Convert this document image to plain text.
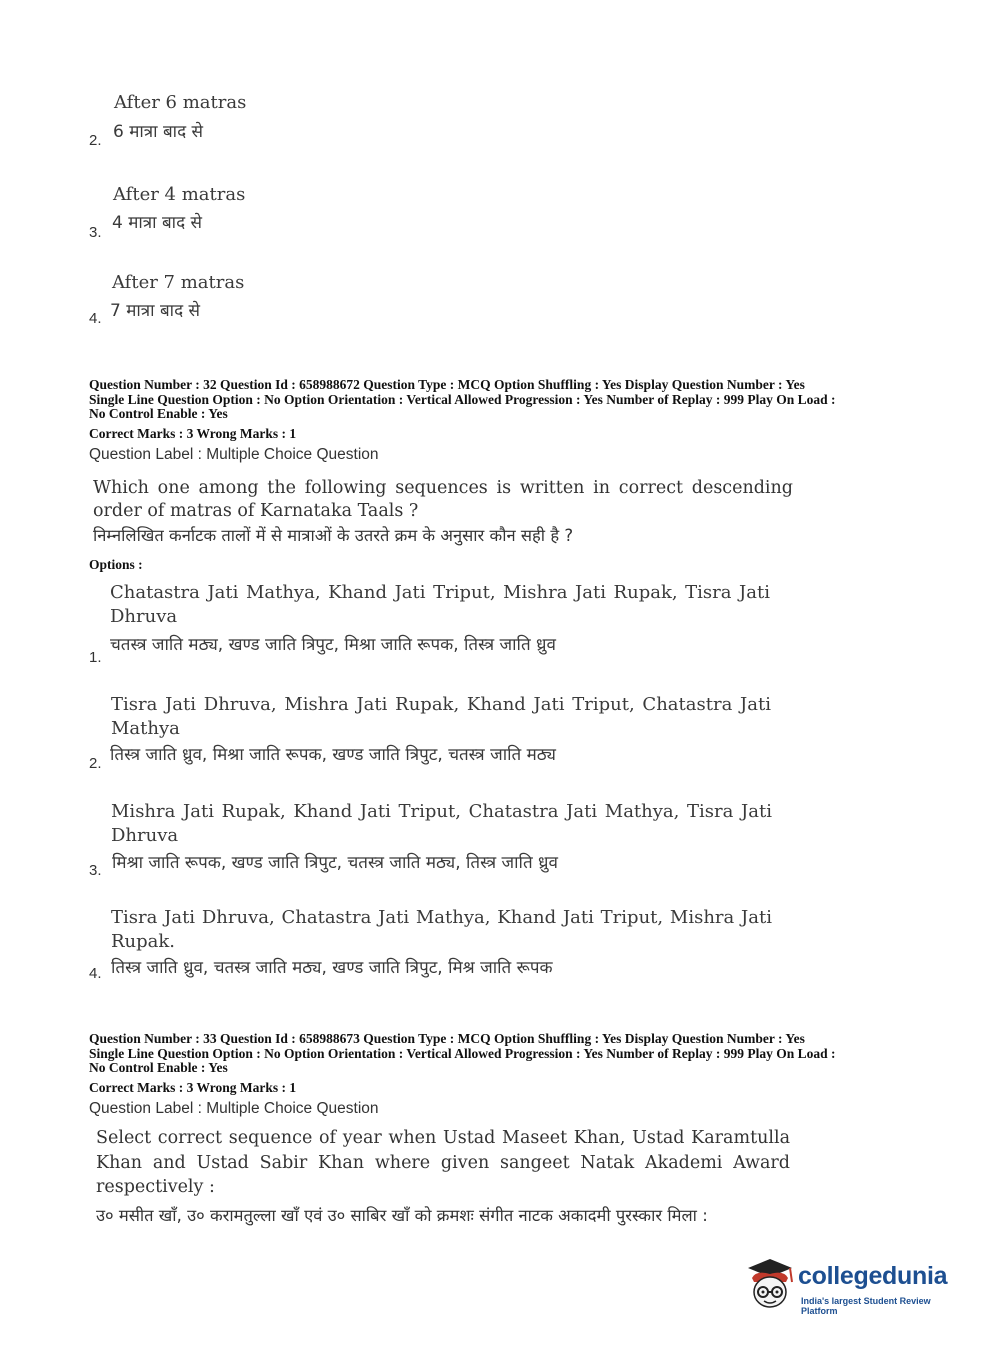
After 6 matras
6 मात्रा बाद से
2.
After 4 matras
4 मात्रा बाद से
3.
After 7 matras
7 मात्रा बाद से
4.
Question Number : 32 Question Id : 658988672 Question Type : MCQ Option Shuffling : Yes Display Question Number : Yes
Single Line Question Option : No Option Orientation : Vertical Allowed Progression : Yes Number of Replay : 999 Play On Load :
No Control Enable : Yes
Correct Marks : 3 Wrong Marks : 1
Question Label : Multiple Choice Question
Which one among the following sequences is written in correct descending order of matras of Karnataka Taals ?
निम्नलिखित कर्नाटक तालों में से मात्राओं के उतरते क्रम के अनुसार कौन सही है ?
Options :
Chatastra Jati Mathya, Khand Jati Triput, Mishra Jati Rupak, Tisra Jati Dhruva
चतस्त्र जाति मठ्य, खण्ड जाति त्रिपुट, मिश्रा जाति रूपक, तिस्त्र जाति ध्रुव
1.
Tisra Jati Dhruva, Mishra Jati Rupak, Khand Jati Triput, Chatastra Jati Mathya
तिस्त्र जाति ध्रुव, मिश्रा जाति रूपक, खण्ड जाति त्रिपुट, चतस्त्र जाति मठ्य
2.
Mishra Jati Rupak, Khand Jati Triput, Chatastra Jati Mathya, Tisra Jati Dhruva
मिश्रा जाति रूपक, खण्ड जाति त्रिपुट, चतस्त्र जाति मठ्य, तिस्त्र जाति ध्रुव
3.
Tisra Jati Dhruva, Chatastra Jati Mathya, Khand Jati Triput, Mishra Jati Rupak.
तिस्त्र जाति ध्रुव, चतस्त्र जाति मठ्य, खण्ड जाति त्रिपुट, मिश्र जाति रूपक
4.
Question Number : 33 Question Id : 658988673 Question Type : MCQ Option Shuffling : Yes Display Question Number : Yes
Single Line Question Option : No Option Orientation : Vertical Allowed Progression : Yes Number of Replay : 999 Play On Load :
No Control Enable : Yes
Correct Marks : 3 Wrong Marks : 1
Question Label : Multiple Choice Question
Select correct sequence of year when Ustad Maseet Khan, Ustad Karamtulla Khan and Ustad Sabir Khan where given sangeet Natak Akademi Award respectively :
उ० मसीत खाँ, उ० करामतुल्ला खाँ एवं उ० साबिर खाँ को क्रमशः संगीत नाटक अकादमी पुरस्कार मिला :
collegedunia
India's largest Student Review Platform
